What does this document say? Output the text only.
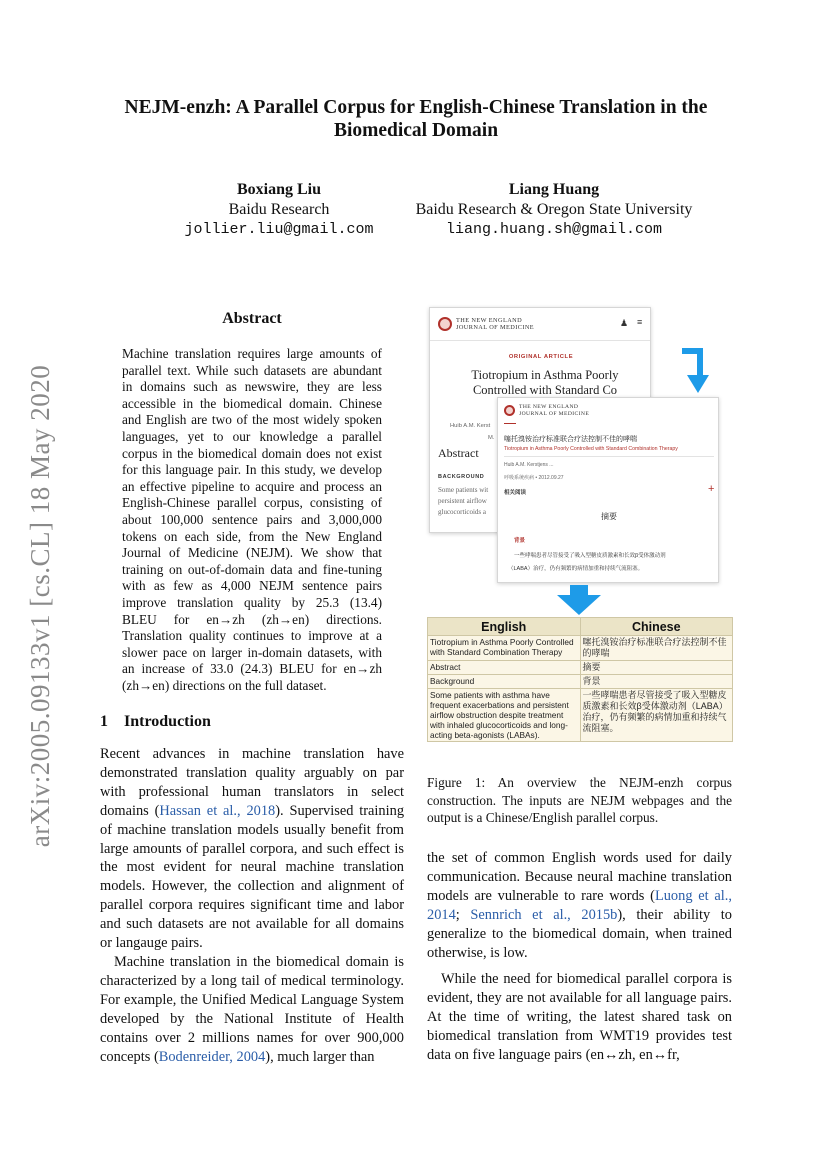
arXiv:2005.09133v1 [cs.CL] 18 May 2020
NEJM-enzh: A Parallel Corpus for English-Chinese Translation in the
Biomedical Domain
Boxiang Liu
Baidu Research
jollier.liu@gmail.com
Liang Huang
Baidu Research & Oregon State University
liang.huang.sh@gmail.com
Abstract
Machine translation requires large amounts of parallel text. While such datasets are abundant in domains such as newswire, they are less accessible in the biomedical domain. Chinese and English are two of the most widely spoken languages, yet to our knowledge a parallel corpus in the biomedical domain does not exist for this language pair. In this study, we develop an effective pipeline to acquire and process an English-Chinese parallel corpus, consisting of about 100,000 sentence pairs and 3,000,000 tokens on each side, from the New England Journal of Medicine (NEJM). We show that training on out-of-domain data and fine-tuning with as few as 4,000 NEJM sentence pairs improve translation quality by 25.3 (13.4) BLEU for en→zh (zh→en) directions. Translation quality continues to improve at a slower pace on larger in-domain datasets, with an increase of 33.0 (24.3) BLEU for en→zh (zh→en) directions on the full dataset.
1 Introduction

Recent advances in machine translation have demonstrated translation quality arguably on par with professional human translators in select domains (Hassan et al., 2018). Supervised training of machine translation models usually benefit from large amounts of parallel corpora, and such effect is the most evident for neural machine translation models. However, the collection and alignment of parallel corpora requires significant time and labor and such datasets are not available for all domains or langauge pairs.

Machine translation in the biomedical domain is characterized by a long tail of medical terminology. For example, the Unified Medical Language System developed by the National Institute of Health contains over 2 millions names for over 900,000 concepts (Bodenreider, 2004), much larger than

the set of common English words used for daily communication. Because neural machine translation models are vulnerable to rare words (Luong et al., 2014; Sennrich et al., 2015b), their ability to generalize to the biomedical domain, when trained otherwise, is low.

While the need for biomedical parallel corpora is evident, they are not available for all language pairs. At the time of writing, the latest shared task on biomedical translation from WMT19 provides test data on five language pairs (en↔zh, en↔fr,

THE NEW ENGLAND
JOURNAL OF MEDICINE	♟ ≡
ORIGINAL ARTICLE
Tiotropium in Asthma Poorly Controlled with Standard Co
Huib A.M. Kerst
M.
Abstract
BACKGROUND
Some patients wit
persistent airflow
glucocorticoids a
THE NEW ENGLAND
JOURNAL OF MEDICINE
噻托溴铵治疗标准联合疗法控制不佳的哮喘
Tiotropium in Asthma Poorly Controlled with Standard Combination Therapy
Huib A.M. Kerstjens ...
呼吸系统疾病 • 2012.09.27
相关阅读	+
摘要
背景
一些哮喘患者尽管接受了吸入型糖皮质激素和长效β受体激动剂
（LABA）治疗，仍有频繁的病情加重和持续气流阻塞。
English	Chinese
Tiotropium in Asthma Poorly Controlled with Standard Combination Therapy	噻托溴铵治疗标准联合疗法控制不佳的哮喘
Abstract	摘要
Background	背景
Some patients with asthma have frequent exacerbations and persistent airflow obstruction despite treatment with inhaled glucocorticoids and long-acting beta-agonists (LABAs).	一些哮喘患者尽管接受了吸入型糖皮质激素和长效β受体激动剂（LABA）治疗，仍有频繁的病情加重和持续气流阻塞。
Figure 1: An overview the NEJM-enzh corpus construction. The inputs are NEJM webpages and the output is a Chinese/English parallel corpus.
